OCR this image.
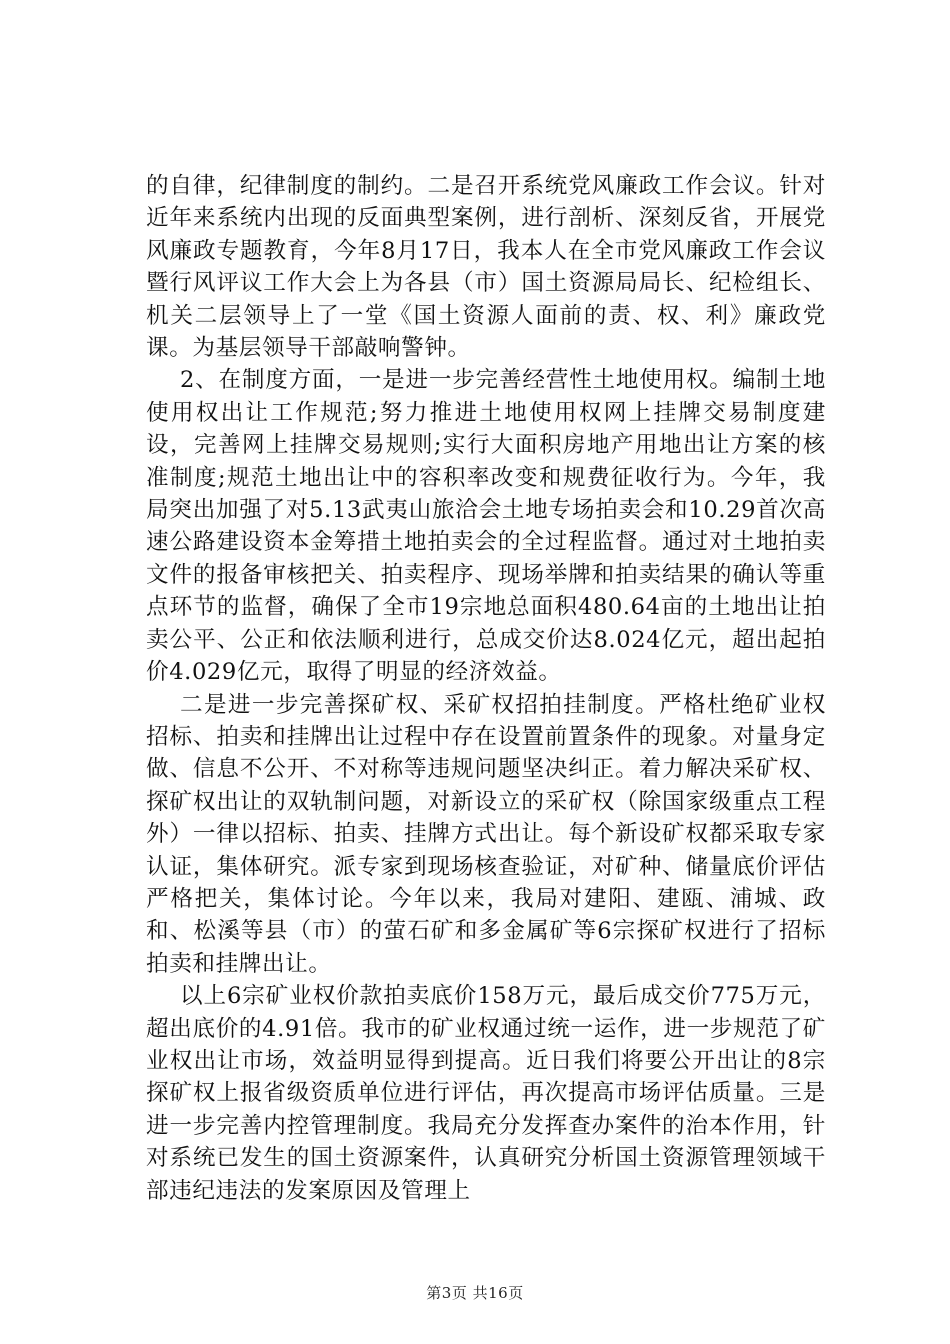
的自律，纪律制度的制约。二是召开系统党风廉政工作会议。针对近年来系统内出现的反面典型案例，进行剖析、深刻反省，开展党风廉政专题教育，今年8月17日，我本人在全市党风廉政工作会议暨行风评议工作大会上为各县（市）国土资源局局长、纪检组长、机关二层领导上了一堂《国土资源人面前的责、权、利》廉政党课。为基层领导干部敲响警钟。

2、在制度方面，一是进一步完善经营性土地使用权。编制土地使用权出让工作规范;努力推进土地使用权网上挂牌交易制度建设，完善网上挂牌交易规则;实行大面积房地产用地出让方案的核准制度;规范土地出让中的容积率改变和规费征收行为。今年，我局突出加强了对5.13武夷山旅洽会土地专场拍卖会和10.29首次高速公路建设资本金筹措土地拍卖会的全过程监督。通过对土地拍卖文件的报备审核把关、拍卖程序、现场举牌和拍卖结果的确认等重点环节的监督，确保了全市19宗地总面积480.64亩的土地出让拍卖公平、公正和依法顺利进行，总成交价达8.024亿元，超出起拍价4.029亿元，取得了明显的经济效益。

二是进一步完善探矿权、采矿权招拍挂制度。严格杜绝矿业权招标、拍卖和挂牌出让过程中存在设置前置条件的现象。对量身定做、信息不公开、不对称等违规问题坚决纠正。着力解决采矿权、探矿权出让的双轨制问题，对新设立的采矿权（除国家级重点工程外）一律以招标、拍卖、挂牌方式出让。每个新设矿权都采取专家认证，集体研究。派专家到现场核查验证，对矿种、储量底价评估严格把关，集体讨论。今年以来，我局对建阳、建瓯、浦城、政和、松溪等县（市）的萤石矿和多金属矿等6宗探矿权进行了招标拍卖和挂牌出让。

以上6宗矿业权价款拍卖底价158万元，最后成交价775万元，超出底价的4.91倍。我市的矿业权通过统一运作，进一步规范了矿业权出让市场，效益明显得到提高。近日我们将要公开出让的8宗探矿权上报省级资质单位进行评估，再次提高市场评估质量。三是进一步完善内控管理制度。我局充分发挥查办案件的治本作用，针对系统已发生的国土资源案件，认真研究分析国土资源管理领域干部违纪违法的发案原因及管理上

第3页 共16页
